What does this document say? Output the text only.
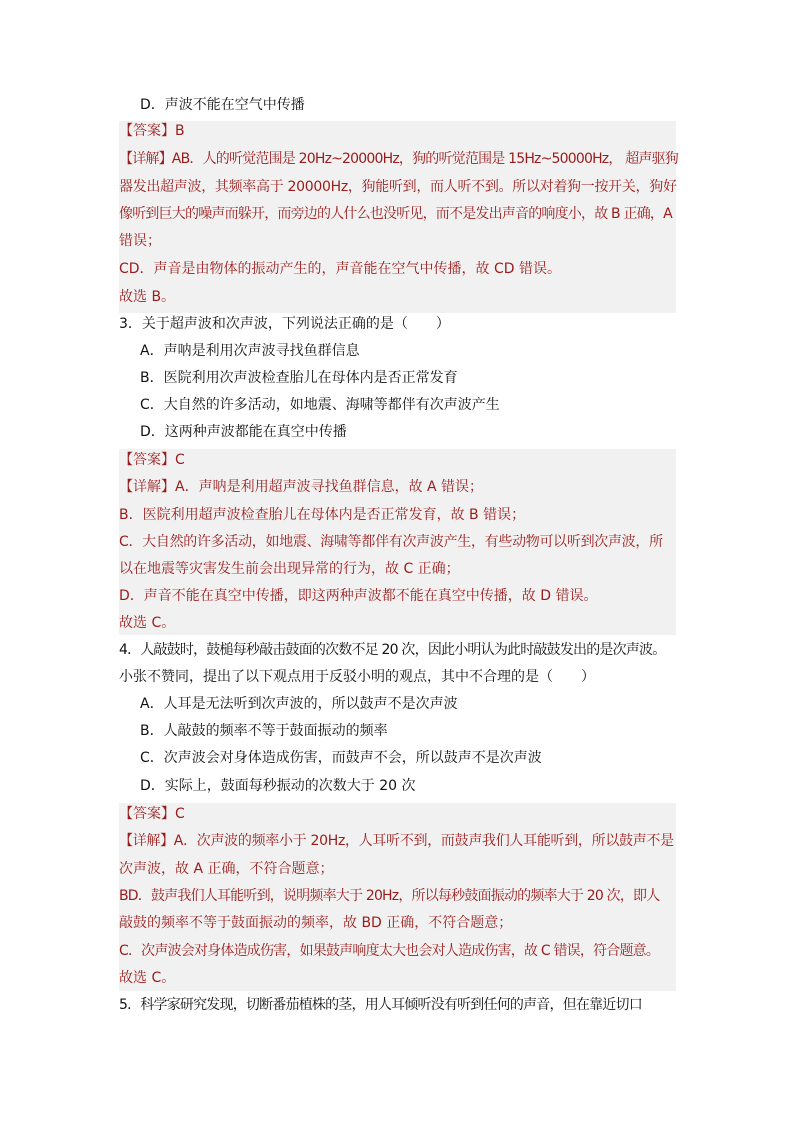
D．声波不能在空气中传播
【答案】B
【详解】AB．人的听觉范围是 20Hz~20000Hz，狗的听觉范围是 15Hz~50000Hz， 超声驱狗
器发出超声波，其频率高于 20000Hz，狗能听到，而人听不到。所以对着狗一按开关，狗好
像听到巨大的噪声而躲开，而旁边的人什么也没听见，而不是发出声音的响度小，故 B 正确，A
错误；
CD．声音是由物体的振动产生的，声音能在空气中传播，故 CD 错误。
故选 B。
3．关于超声波和次声波，下列说法正确的是（　　）
A．声呐是利用次声波寻找鱼群信息
B．医院利用次声波检查胎儿在母体内是否正常发育
C．大自然的许多活动，如地震、海啸等都伴有次声波产生
D．这两种声波都能在真空中传播
【答案】C
【详解】A．声呐是利用超声波寻找鱼群信息，故 A 错误；
B．医院利用超声波检查胎儿在母体内是否正常发育，故 B 错误；
C．大自然的许多活动，如地震、海啸等都伴有次声波产生，有些动物可以听到次声波，所
以在地震等灾害发生前会出现异常的行为，故 C 正确；
D．声音不能在真空中传播，即这两种声波都不能在真空中传播，故 D 错误。
故选 C。
4．人敲鼓时，鼓槌每秒敲击鼓面的次数不足 20 次，因此小明认为此时敲鼓发出的是次声波。
小张不赞同，提出了以下观点用于反驳小明的观点，其中不合理的是（　　）
A．人耳是无法听到次声波的，所以鼓声不是次声波
B．人敲鼓的频率不等于鼓面振动的频率
C．次声波会对身体造成伤害，而鼓声不会，所以鼓声不是次声波
D．实际上，鼓面每秒振动的次数大于 20 次
【答案】C
【详解】A．次声波的频率小于 20Hz，人耳听不到，而鼓声我们人耳能听到，所以鼓声不是
次声波，故 A 正确，不符合题意；
BD．鼓声我们人耳能听到，说明频率大于 20Hz，所以每秒鼓面振动的频率大于 20 次，即人
敲鼓的频率不等于鼓面振动的频率，故 BD 正确，不符合题意；
C．次声波会对身体造成伤害，如果鼓声响度太大也会对人造成伤害，故 C 错误，符合题意。
故选 C。
5．科学家研究发现，切断番茄植株的茎，用人耳倾听没有听到任何的声音，但在靠近切口
